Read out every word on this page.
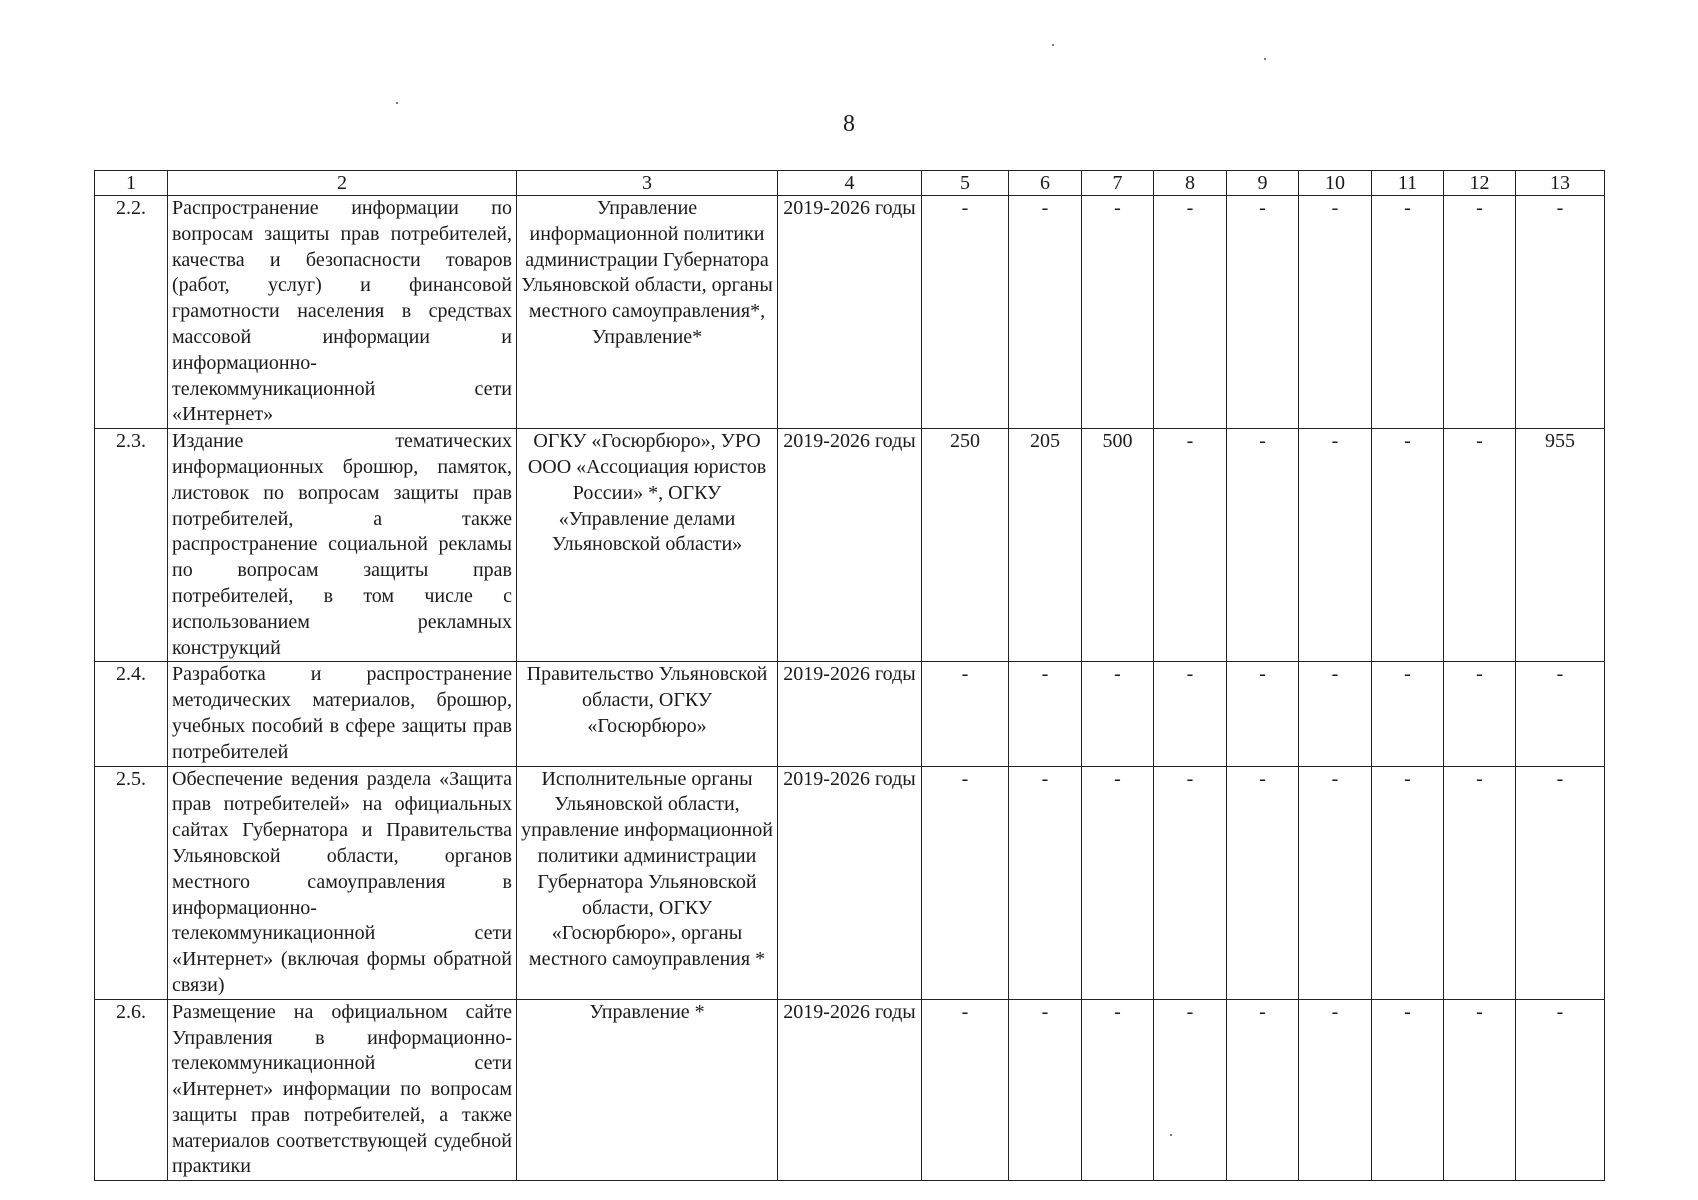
8
1	2	3	4	5	6	7	8	9	10	11	12	13
2.2.	Распространение информации по вопросам защиты прав потребителей, качества и безопасности товаров (работ, услуг) и финансовой грамотности населения в средствах массовой информации и информационно-телекоммуникационной сети «Интернет»	Управление информационной политики администрации Губернатора Ульяновской области, органы местного самоуправления*, Управление*	2019-2026 годы	-	-	-	-	-	-	-	-	-
2.3.	Издание тематических информационных брошюр, памяток, листовок по вопросам защиты прав потребителей, а также распространение социальной рекламы по вопросам защиты прав потребителей, в том числе с использованием рекламных конструкций	ОГКУ «Госюрбюро», УРО ООО «Ассоциация юристов России» *, ОГКУ «Управление делами Ульяновской области»	2019-2026 годы	250	205	500	-	-	-	-	-	955
2.4.	Разработка и распространение методических материалов, брошюр, учебных пособий в сфере защиты прав потребителей	Правительство Ульяновской области, ОГКУ «Госюрбюро»	2019-2026 годы	-	-	-	-	-	-	-	-	-
2.5.	Обеспечение ведения раздела «Защита прав потребителей» на официальных сайтах Губернатора и Правительства Ульяновской области, органов местного самоуправления в информационно-телекоммуникационной сети «Интернет» (включая формы обратной связи)	Исполнительные органы Ульяновской области, управление информационной политики администрации Губернатора Ульяновской области, ОГКУ «Госюрбюро», органы местного самоуправления *	2019-2026 годы	-	-	-	-	-	-	-	-	-
2.6.	Размещение на официальном сайте Управления в информационно-телекоммуникационной сети «Интернет» информации по вопросам защиты прав потребителей, а также материалов соответствующей судебной практики	Управление *	2019-2026 годы	-	-	-	-	-	-	-	-	-
